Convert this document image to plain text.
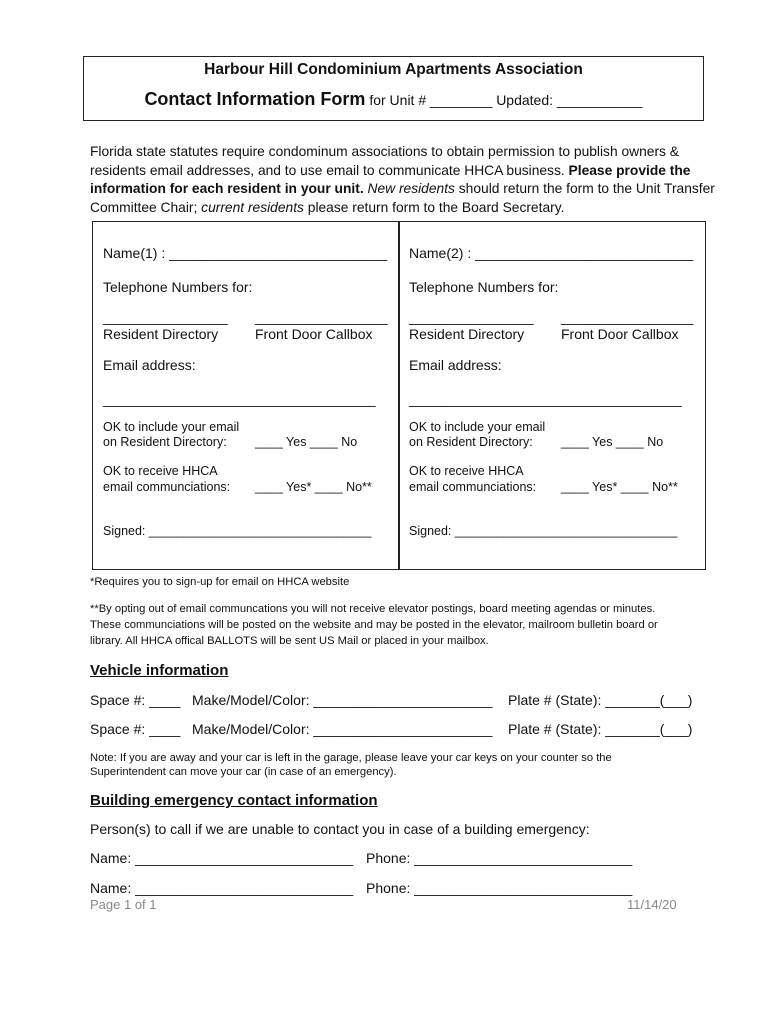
Harbour Hill Condominium Apartments Association
Contact Information Form for Unit # ________ Updated: ___________
Florida state statutes require condominum associations to obtain permission to publish owners & residents email addresses, and to use email to communicate HHCA business. Please provide the information for each resident in your unit. New residents should return the form to the Unit Transfer Committee Chair; current residents please return form to the Board Secretary.
Name(1) : ____________________________
Telephone Numbers for:
________________ _________________
Resident Directory	Front Door Callbox
Email address:
___________________________________
OK to include your email
on Resident Directory: ____ Yes ____ No
OK to receive HHCA
email communciations: ____ Yes* ____ No**
Signed: ________________________________
Name(2) : ____________________________
Telephone Numbers for:
________________ _________________
Resident Directory	Front Door Callbox
Email address:
___________________________________
OK to include your email
on Resident Directory: ____ Yes ____ No
OK to receive HHCA
email communciations: ____ Yes* ____ No**
Signed: ________________________________
*Requires you to sign-up for email on HHCA website
**By opting out of email communcations you will not receive elevator postings, board meeting agendas or minutes.
These communciations will be posted on the website and may be posted in the elevator, mailroom bulletin board or
library. All HHCA offical BALLOTS will be sent US Mail or placed in your mailbox.
Vehicle information
Space #: ____ Make/Model/Color: _______________________ Plate # (State): _______(___)
Space #: ____ Make/Model/Color: _______________________ Plate # (State): _______(___)
Note: If you are away and your car is left in the garage, please leave your car keys on your counter so the
Superintendent can move your car (in case of an emergency).
Building emergency contact information
Person(s) to call if we are unable to contact you in case of a building emergency:
Name: ____________________________ Phone: ____________________________
Name: ____________________________ Phone: ____________________________
Page 1 of 1	11/14/20
